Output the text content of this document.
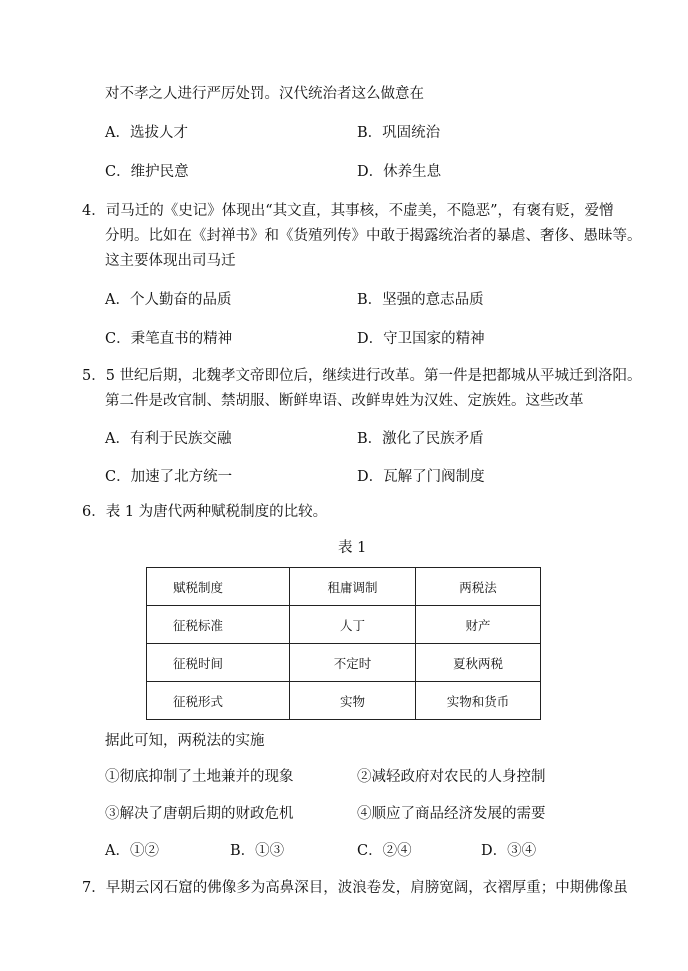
对不孝之人进行严厉处罚。汉代统治者这么做意在
A．选拔人才	B．巩固统治
C．维护民意	D．休养生息
4．司马迁的《史记》体现出“其文直，其事核，不虚美，不隐恶”，有褒有贬，爱憎
分明。比如在《封禅书》和《货殖列传》中敢于揭露统治者的暴虐、奢侈、愚昧等。
这主要体现出司马迁
A．个人勤奋的品质	B．坚强的意志品质
C．秉笔直书的精神	D．守卫国家的精神
5．5 世纪后期，北魏孝文帝即位后，继续进行改革。第一件是把都城从平城迁到洛阳。
第二件是改官制、禁胡服、断鲜卑语、改鲜卑姓为汉姓、定族姓。这些改革
A．有利于民族交融	B．激化了民族矛盾
C．加速了北方统一	D．瓦解了门阀制度
6．表 1 为唐代两种赋税制度的比较。
表 1
赋税制度	租庸调制	两税法
征税标准	人丁	财产
征税时间	不定时	夏秋两税
征税形式	实物	实物和货币
据此可知，两税法的实施
①彻底抑制了土地兼并的现象	②减轻政府对农民的人身控制
③解决了唐朝后期的财政危机	④顺应了商品经济发展的需要
A．①②	B．①③	C．②④	D．③④
7．早期云冈石窟的佛像多为高鼻深目，波浪卷发，肩膀宽阔，衣褶厚重；中期佛像虽
